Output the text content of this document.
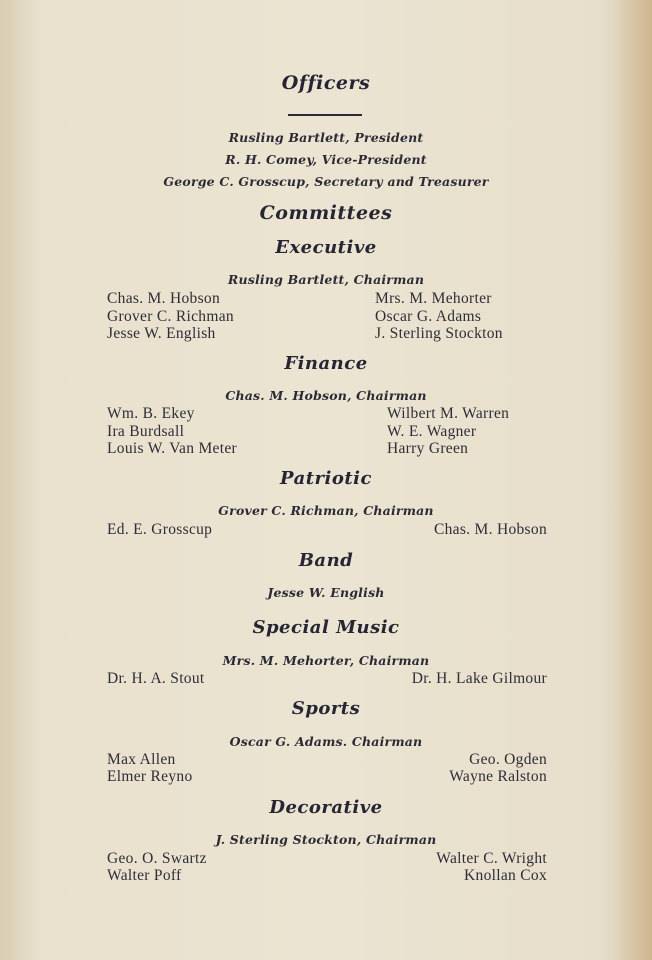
Officers
Rusling Bartlett, President
R. H. Comey, Vice-President
George C. Grosscup, Secretary and Treasurer
Committees
Executive
Rusling Bartlett, Chairman
Chas. M. Hobson
Grover C. Richman
Jesse W. English
Mrs. M. Mehorter
Oscar G. Adams
J. Sterling Stockton
Finance
Chas. M. Hobson, Chairman
Wm. B. Ekey
Ira Burdsall
Louis W. Van Meter
Wilbert M. Warren
W. E. Wagner
Harry Green
Patriotic
Grover C. Richman, Chairman
Ed. E. Grosscup	Chas. M. Hobson
Band
Jesse W. English
Special Music
Mrs. M. Mehorter, Chairman
Dr. H. A. Stout	Dr. H. Lake Gilmour
Sports
Oscar G. Adams. Chairman
Max Allen
Elmer Reyno
Geo. Ogden
Wayne Ralston
Decorative
J. Sterling Stockton, Chairman
Geo. O. Swartz
Walter Poff
Walter C. Wright
Knollan Cox
